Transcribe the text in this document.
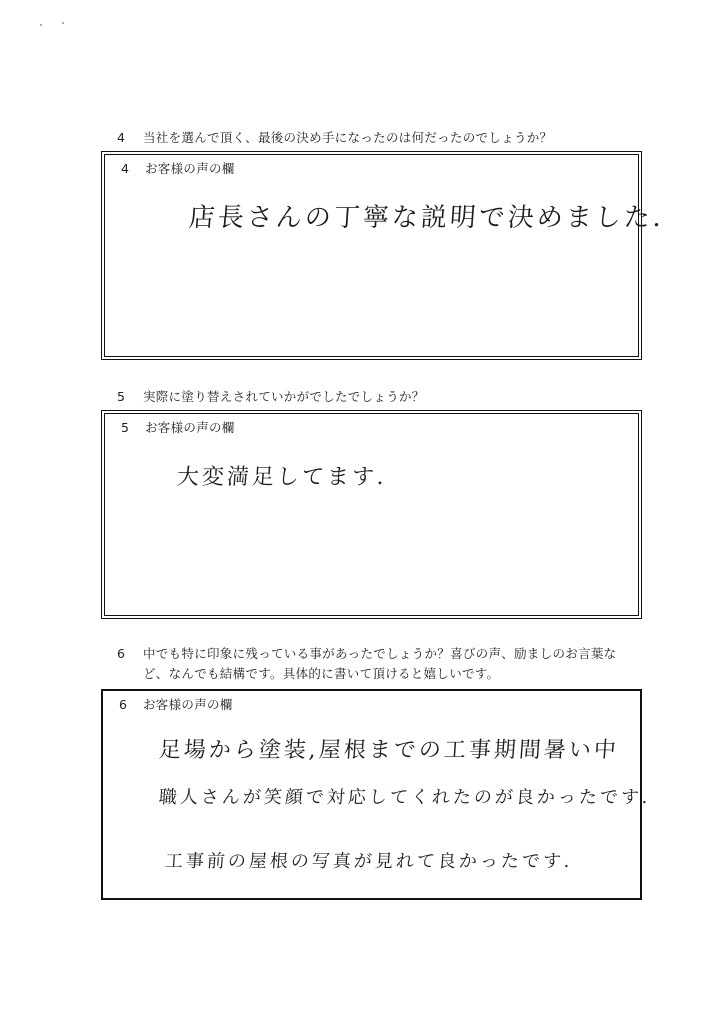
4 当社を選んで頂く、最後の決め手になったのは何だったのでしょうか？
4 お客様の声の欄
店長さんの丁寧な説明で決めました.
5 実際に塗り替えされていかがでしたでしょうか？
5 お客様の声の欄
大変満足してます.
6 中でも特に印象に残っている事があったでしょうか？喜びの声、励ましのお言葉な
ど、なんでも結構です。具体的に書いて頂けると嬉しいです。
6 お客様の声の欄
足場から塗装,屋根までの工事期間暑い中
職人さんが笑顔で対応してくれたのが良かったです.
工事前の屋根の写真が見れて良かったです.
